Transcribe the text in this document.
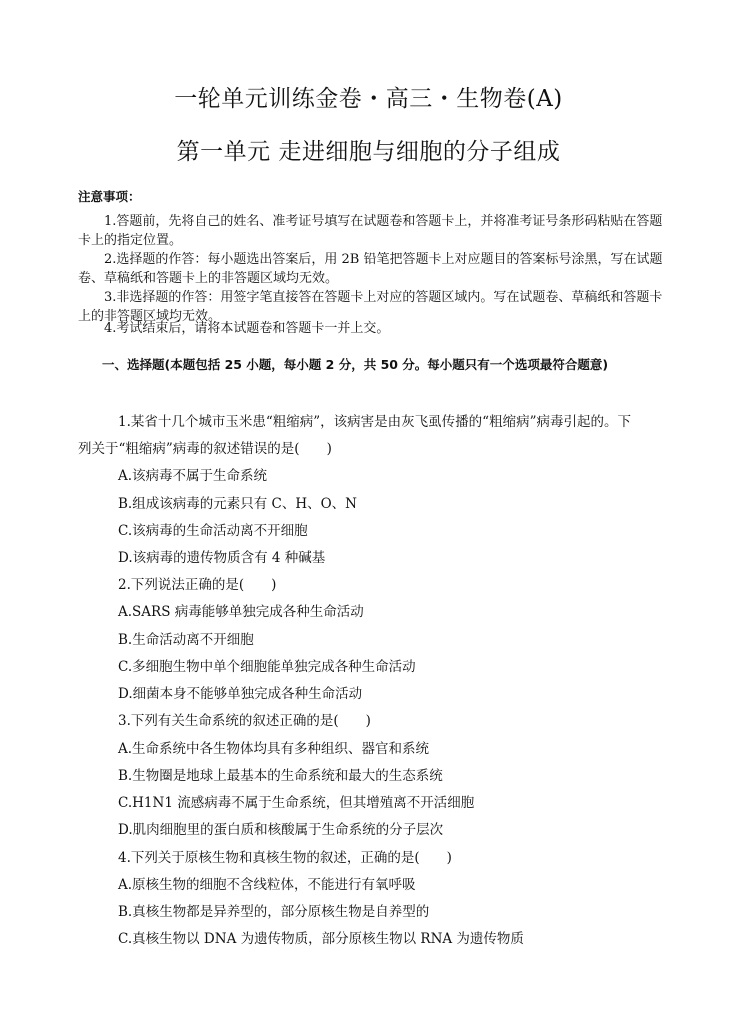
一轮单元训练金卷・高三・生物卷(A)
第一单元 走进细胞与细胞的分子组成
注意事项：

1.答题前，先将自己的姓名、准考证号填写在试题卷和答题卡上，并将准考证号条形码粘贴在答题卡上的指定位置。

2.选择题的作答：每小题选出答案后，用 2B 铅笔把答题卡上对应题目的答案标号涂黑，写在试题卷、草稿纸和答题卡上的非答题区域均无效。

3.非选择题的作答：用签字笔直接答在答题卡上对应的答题区域内。写在试题卷、草稿纸和答题卡上的非答题区域均无效。

4.考试结束后，请将本试题卷和答题卡一并上交。

一、选择题(本题包括 25 小题，每小题 2 分，共 50 分。每小题只有一个选项最符合题意)
1.某省十几个城市玉米患“粗缩病”，该病害是由灰飞虱传播的“粗缩病”病毒引起的。下
列关于“粗缩病”病毒的叙述错误的是(　　)
A.该病毒不属于生命系统
B.组成该病毒的元素只有 C、H、O、N
C.该病毒的生命活动离不开细胞
D.该病毒的遗传物质含有 4 种碱基
2.下列说法正确的是(　　)
A.SARS 病毒能够单独完成各种生命活动
B.生命活动离不开细胞
C.多细胞生物中单个细胞能单独完成各种生命活动
D.细菌本身不能够单独完成各种生命活动
3.下列有关生命系统的叙述正确的是(　　)
A.生命系统中各生物体均具有多种组织、器官和系统
B.生物圈是地球上最基本的生命系统和最大的生态系统
C.H1N1 流感病毒不属于生命系统，但其增殖离不开活细胞
D.肌肉细胞里的蛋白质和核酸属于生命系统的分子层次
4.下列关于原核生物和真核生物的叙述，正确的是(　　)
A.原核生物的细胞不含线粒体，不能进行有氧呼吸
B.真核生物都是异养型的，部分原核生物是自养型的
C.真核生物以 DNA 为遗传物质，部分原核生物以 RNA 为遗传物质
